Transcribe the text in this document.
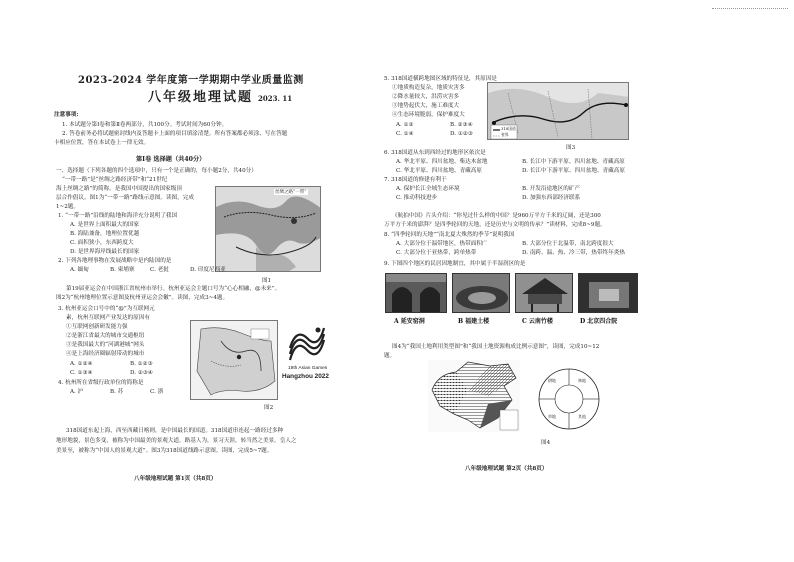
2023-2024 学年度第一学期期中学业质量监测
八年级地理试题 2023. 11
注意事项:
1. 本试题分第Ⅰ卷和第Ⅱ卷两部分，共100分。考试时间为60分钟。
2. 答卷前务必将试题密封线内及答题卡上面的项目填涂清楚。所有答案都必须涂、写在答题
卡相应位置，答在本试卷上一律无效。
第Ⅰ卷 选择题（共40分）
一、选择题（下列各题的四个选项中，只有一个是正确的，每小题2分，共40分）
“一带一路”是“丝绸之路经济带”和“21世纪
海上丝绸之路”的简称。是我国中国提出的国家级顶
层合作倡议。图1为“一带一路”路线示意图。读图，完成
1~2题。
丝绸之路“一带”
图1
1. “一带一路”沿线的陆地和海洋充分说明了我国
A. 是世界上面积最大的国家
B. 海陆兼备，地理位置优越
C. 面积狭小，东西跨度大
D. 是世界海岸线最长的国家
2. 下列各地理事物在发展战略中是内陆国的是
A. 缅甸	B. 柬埔寨	C. 老挝	D. 印度尼西亚
第19届亚运会在中国浙江省杭州市举行。杭州亚运会主题口号为“心心相融，@未来”。
图2为“杭州地理位置示意图及杭州亚运会会徽”。读图，完成3~4题。
3. 杭州亚运会口号中的“@”为互联网元
素，杭州互联网产业发达的原因有
①互联网创新研发能力强
②是浙江省最大的城市交通枢纽
③是我国最大的“河湖港城”网头
④是上海经济圈辐射带动的城市
A. ①②④	B. ①②③
C. ①③④	D. ②③④
4. 杭州所在省级行政单位的简称是
A. 沪	B. 苏	C. 浙
19th Asian Games
Hangzhou 2022
图2
318国道东起上海，西至西藏日喀则，是中国最长的国道。318国道串连起一路经过多种
地形地貌，景色多变，被称为中国最美的景观大道。路基人为，景习天涯，转当然之美景。皇人之
美景至，被称为“中国人的景观大道”。图3为318国道线路示意图。读图，完成5~7题。
八年级地理试题 第1页（共8页）
5. 318国道横跨地图区域的特征是，其原因是
①地质构造复杂，地质灾害多
②降水量较大，洪涝灾害多
③地势起伏大，施工难度大
④生态环境脆弱，保护难度大
A. ①②	B. ②③④
C. ①④	D. ①②③
318国道
省界
图3
6. 318国道从东到西经过的地形区依次是
A. 华北平原、四川盆地、柴达木盆地	B. 长江中下游平原、四川盆地、青藏高原
C. 华北平原、四川盆地、青藏高原	D. 长江中下游平原、四川盆地、青藏高原
7. 318国道的修建有利于
A. 保护长江全域生态环境	B. 开发沿途地区的矿产
C. 推动科技进步	D. 加强东西部经济联系
《航拍中国》片头介绍：“你见过什么样的中国？是960万平方千米的辽阔，还是300
万平方千米的澎湃？是四季轮回的天地，还是历史与文明的传承？”读材料，完成8~9题。
8. “四季轮回的天地”“南北夏大殊然的季节”说明我国
A. 大部分位于温带地区，热带面积广	B. 大部分位于北温带，南北跨度很大
C. 大部分位于亚热带，跨单热带	D. 南跨、温、热、冷三带，热带终年炎热
9. 下图四个地区的民居因地制宜，其中属于半湿润区的是
A 延安窑洞	B 福建土楼	C 云南竹楼	D 北京四合院
图4为“我国土地利用类型图”和“我国土地资源构成比例示意图”，读图，完成10~12
题。
耕地	林地
草地	其他
图4
八年级地理试题 第2页（共8页）
